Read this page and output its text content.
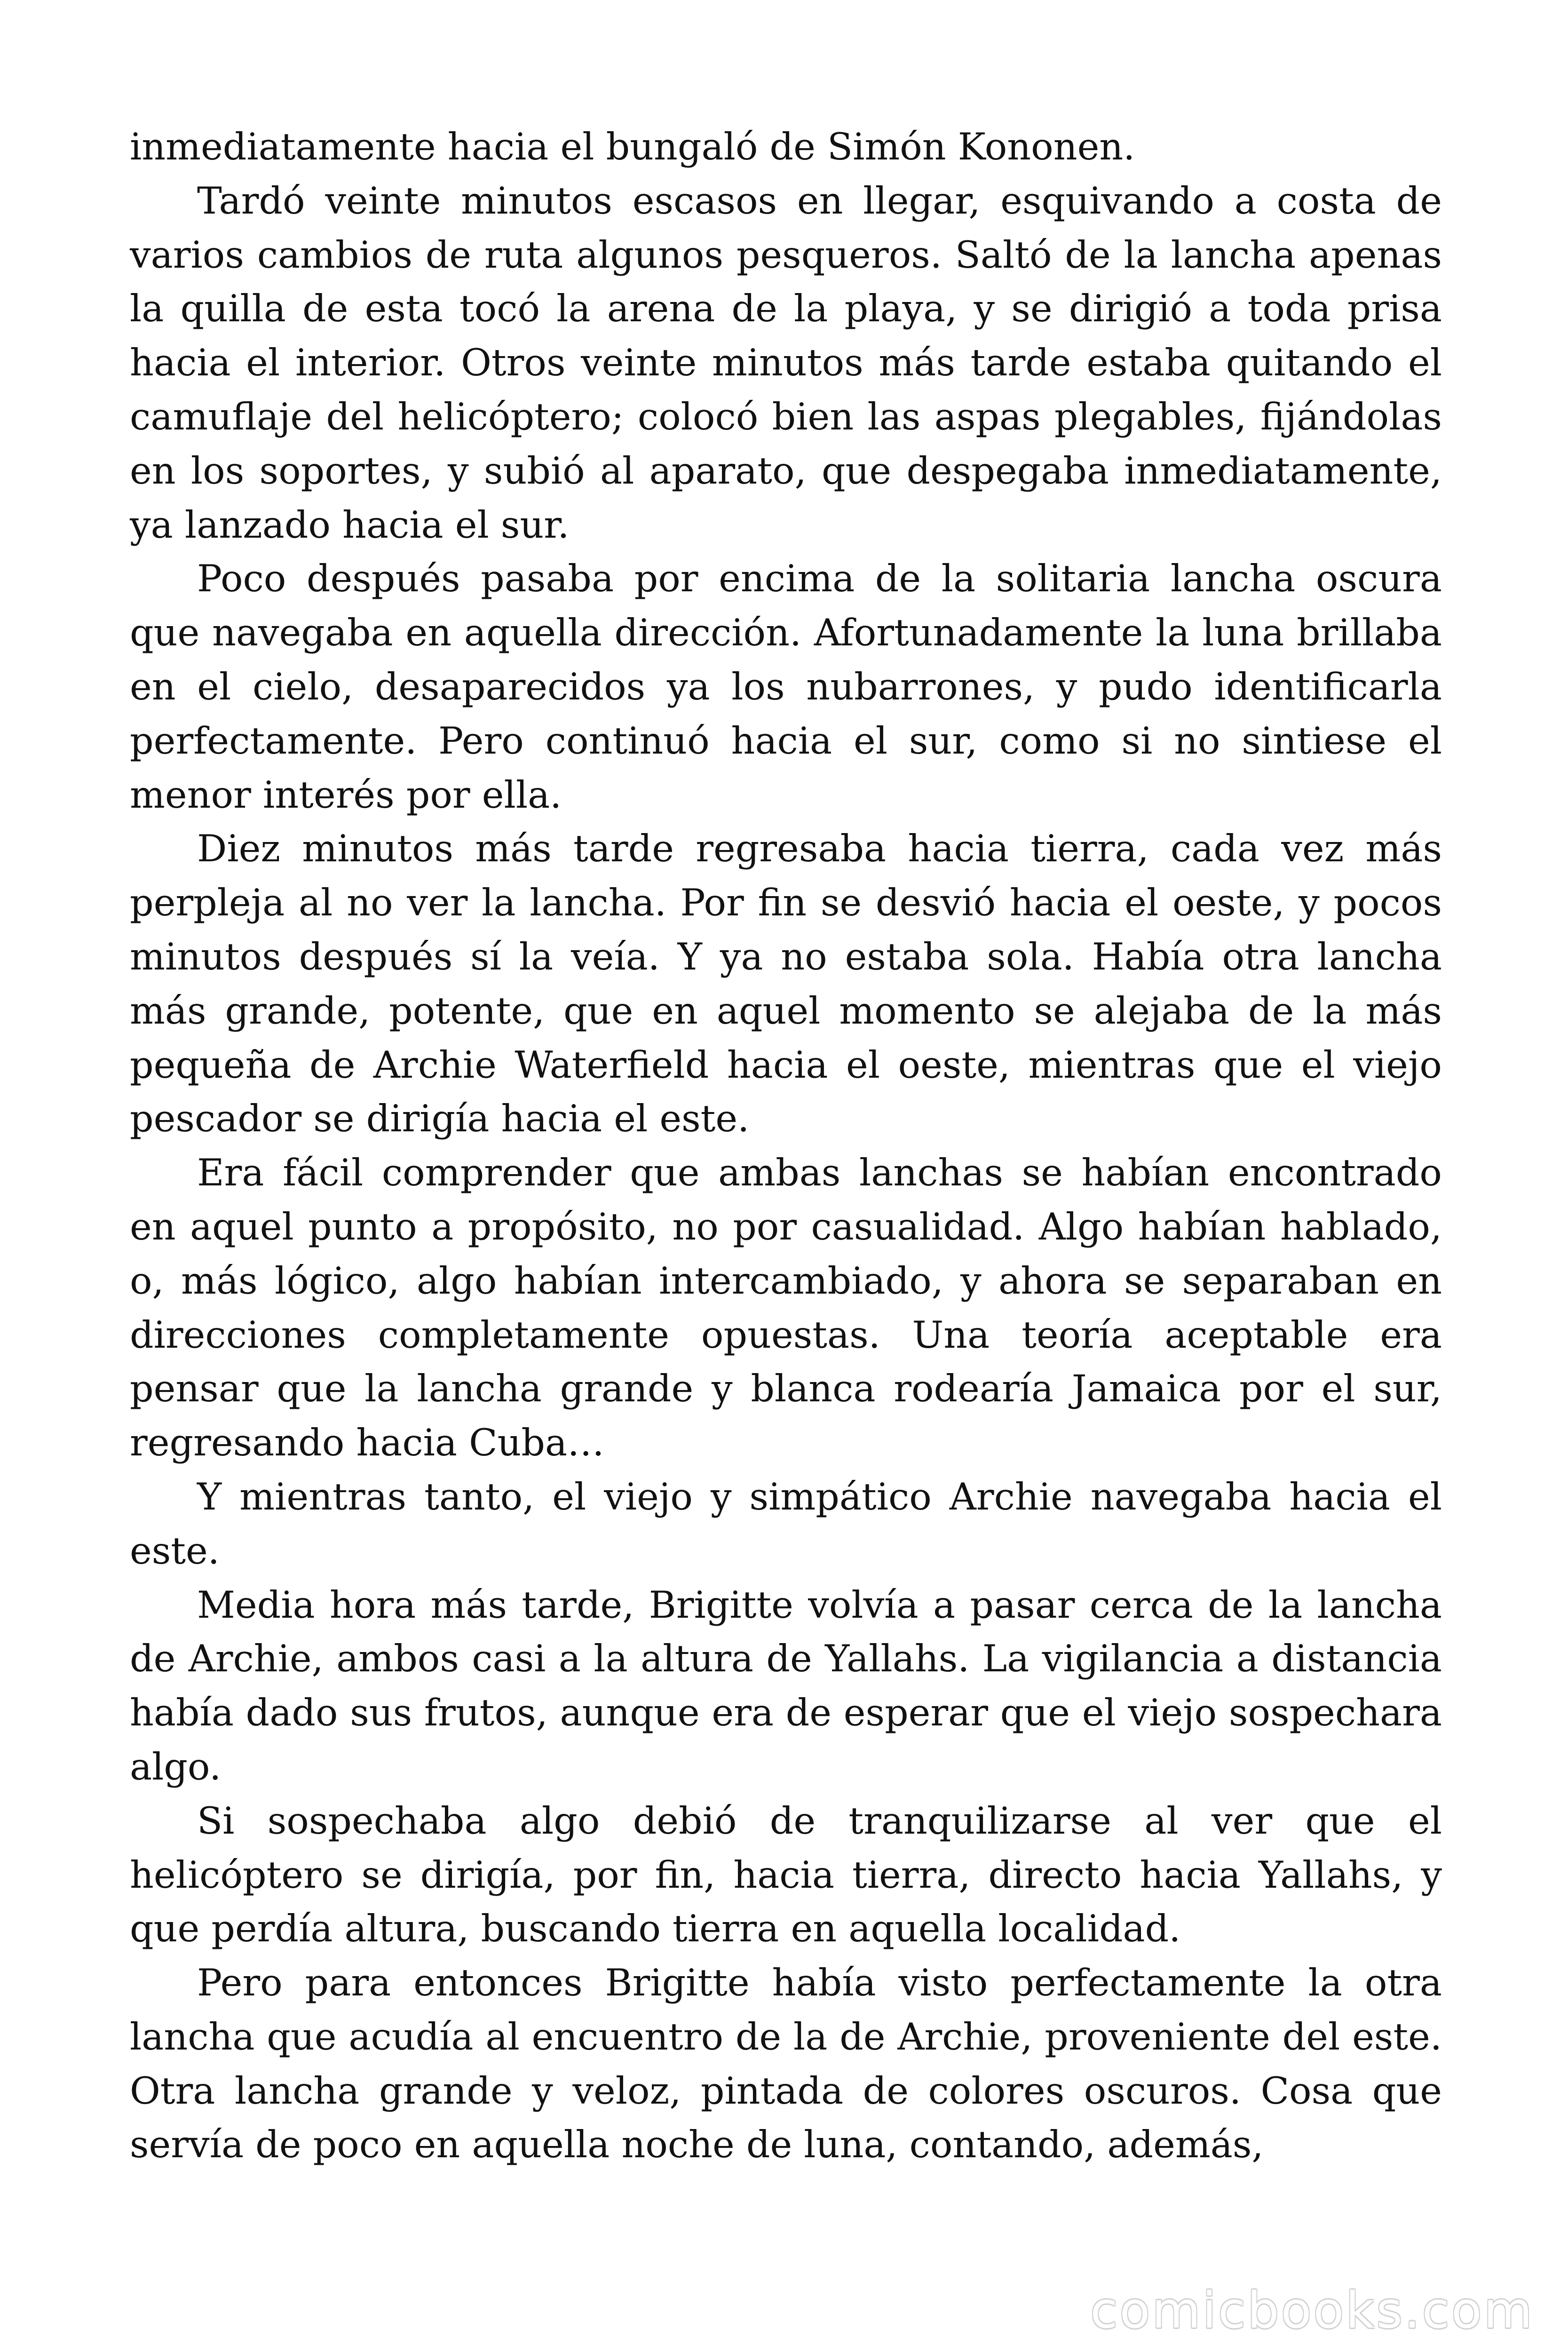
inmediatamente hacia el bungaló de Simón Kononen.

Tardó veinte minutos escasos en llegar, esquivando a costa de varios cambios de ruta algunos pesqueros. Saltó de la lancha apenas la quilla de esta tocó la arena de la playa, y se dirigió a toda prisa hacia el interior. Otros veinte minutos más tarde estaba quitando el camuflaje del helicóptero; colocó bien las aspas plegables, fijándolas en los soportes, y subió al aparato, que despegaba inmediatamente, ya lanzado hacia el sur.

Poco después pasaba por encima de la solitaria lancha oscura que navegaba en aquella dirección. Afortunadamente la luna brillaba en el cielo, desaparecidos ya los nubarrones, y pudo identificarla perfectamente. Pero continuó hacia el sur, como si no sintiese el menor interés por ella.

Diez minutos más tarde regresaba hacia tierra, cada vez más perpleja al no ver la lancha. Por fin se desvió hacia el oeste, y pocos minutos después sí la veía. Y ya no estaba sola. Había otra lancha más grande, potente, que en aquel momento se alejaba de la más pequeña de Archie Waterfield hacia el oeste, mientras que el viejo pescador se dirigía hacia el este.

Era fácil comprender que ambas lanchas se habían encontrado en aquel punto a propósito, no por casualidad. Algo habían hablado, o, más lógico, algo habían intercambiado, y ahora se separaban en direcciones completamente opuestas. Una teoría aceptable era pensar que la lancha grande y blanca rodearía Jamaica por el sur, regresando hacia Cuba…

Y mientras tanto, el viejo y simpático Archie navegaba hacia el este.

Media hora más tarde, Brigitte volvía a pasar cerca de la lancha de Archie, ambos casi a la altura de Yallahs. La vigilancia a distancia había dado sus frutos, aunque era de esperar que el viejo sospechara algo.

Si sospechaba algo debió de tranquilizarse al ver que el helicóptero se dirigía, por fin, hacia tierra, directo hacia Yallahs, y que perdía altura, buscando tierra en aquella localidad.

Pero para entonces Brigitte había visto perfectamente la otra lancha que acudía al encuentro de la de Archie, proveniente del este. Otra lancha grande y veloz, pintada de colores oscuros. Cosa que servía de poco en aquella noche de luna, contando, además,

comicbooks.com
